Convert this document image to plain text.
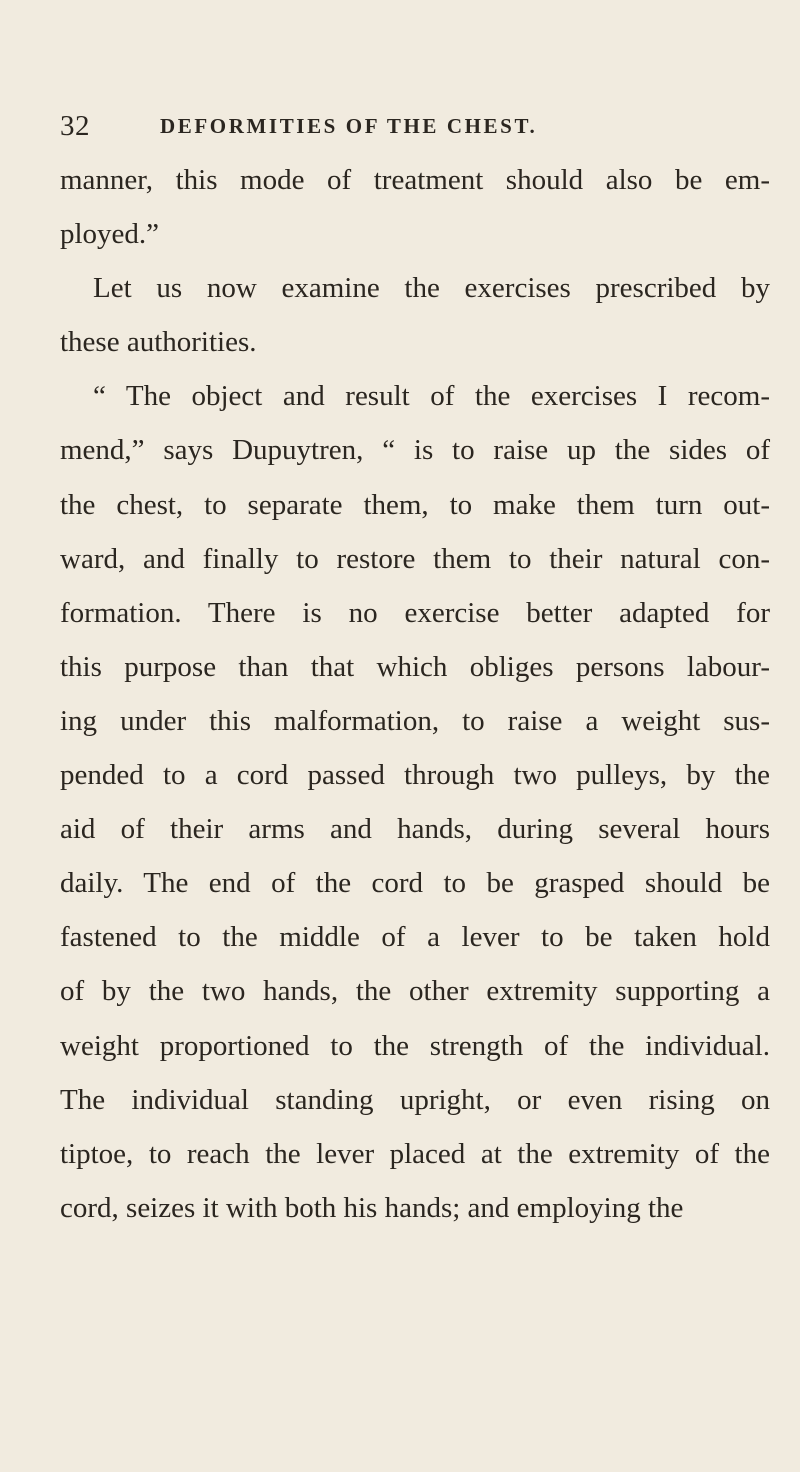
32	DEFORMITIES OF THE CHEST.
manner, this mode of treatment should also be em-
ployed.”
Let us now examine the exercises prescribed by
these authorities.
“ The object and result of the exercises I recom-
mend,” says Dupuytren, “ is to raise up the sides of
the chest, to separate them, to make them turn out-
ward, and finally to restore them to their natural con-
formation. There is no exercise better adapted for
this purpose than that which obliges persons labour-
ing under this malformation, to raise a weight sus-
pended to a cord passed through two pulleys, by the
aid of their arms and hands, during several hours
daily. The end of the cord to be grasped should be
fastened to the middle of a lever to be taken hold
of by the two hands, the other extremity supporting a
weight proportioned to the strength of the individual.
The individual standing upright, or even rising on
tiptoe, to reach the lever placed at the extremity of the
cord, seizes it with both his hands; and employing the
